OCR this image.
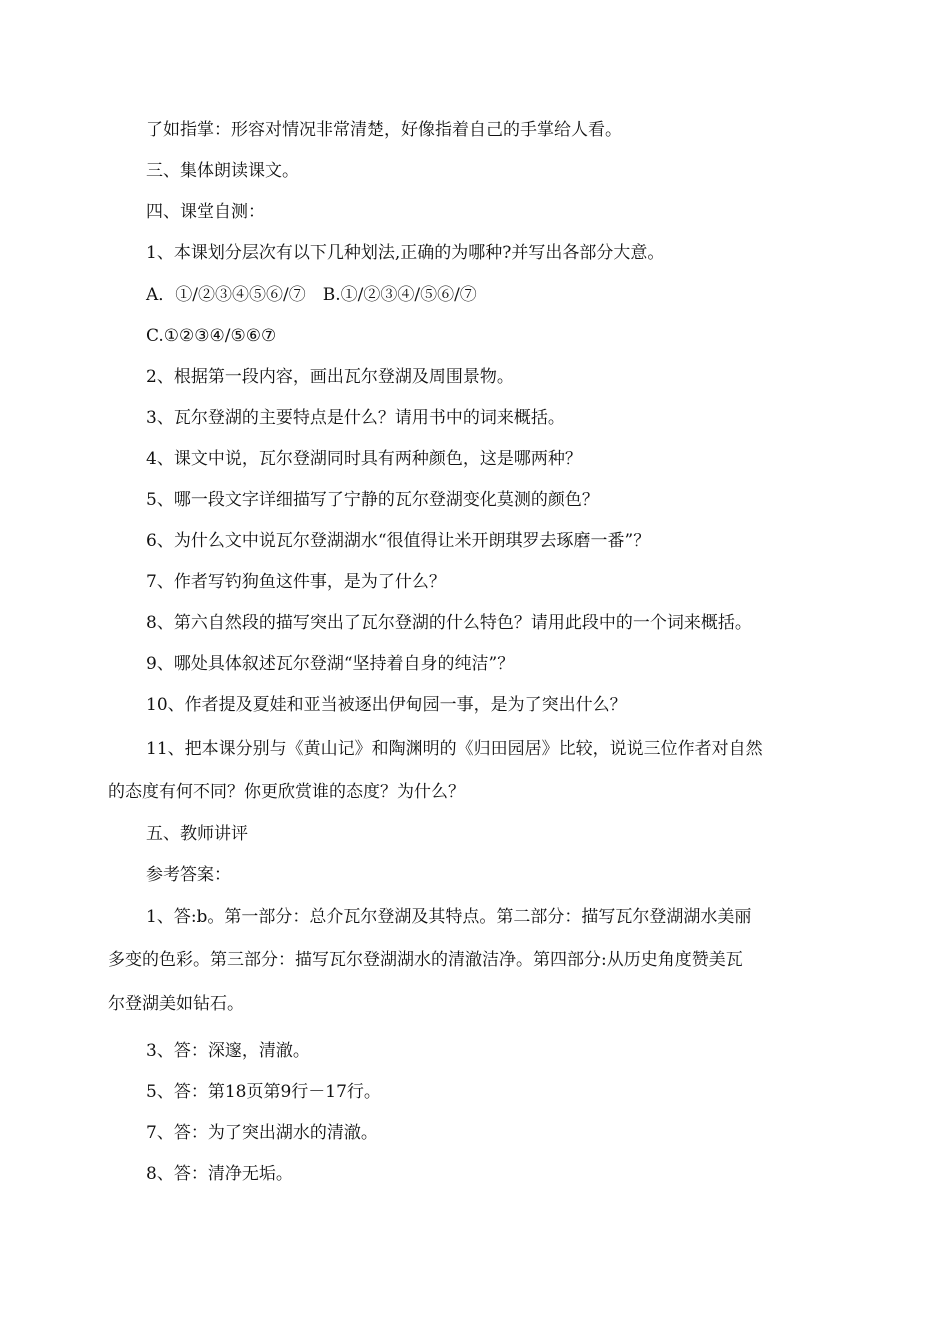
了如指掌：形容对情况非常清楚，好像指着自己的手掌给人看。
三、集体朗读课文。
四、课堂自测：
1、本课划分层次有以下几种划法,正确的为哪种?并写出各部分大意。
A．①/②③④⑤⑥/⑦　B.①/②③④/⑤⑥/⑦
C.①②③④/⑤⑥⑦
2、根据第一段内容，画出瓦尔登湖及周围景物。
3、瓦尔登湖的主要特点是什么？请用书中的词来概括。
4、课文中说，瓦尔登湖同时具有两种颜色，这是哪两种？
5、哪一段文字详细描写了宁静的瓦尔登湖变化莫测的颜色？
6、为什么文中说瓦尔登湖湖水“很值得让米开朗琪罗去琢磨一番”？
7、作者写钓狗鱼这件事，是为了什么？
8、第六自然段的描写突出了瓦尔登湖的什么特色？请用此段中的一个词来概括。
9、哪处具体叙述瓦尔登湖“坚持着自身的纯洁”？
10、作者提及夏娃和亚当被逐出伊甸园一事，是为了突出什么？
11、把本课分别与《黄山记》和陶渊明的《归田园居》比较，说说三位作者对自然
的态度有何不同？你更欣赏谁的态度？为什么？
五、教师讲评
参考答案：
1、答:b。第一部分：总介瓦尔登湖及其特点。第二部分：描写瓦尔登湖湖水美丽
多变的色彩。第三部分：描写瓦尔登湖湖水的清澈洁净。第四部分:从历史角度赞美瓦
尔登湖美如钻石。
3、答：深邃，清澈。
5、答：第18页第9行－17行。
7、答：为了突出湖水的清澈。
8、答：清净无垢。
